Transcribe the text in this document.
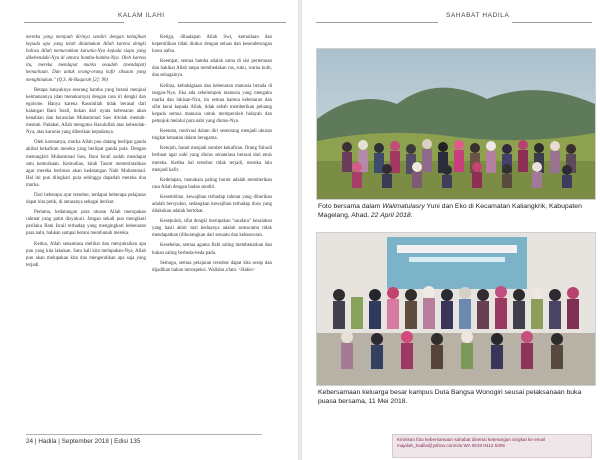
KALAM ILAHI

mereka yang menjauh dirinya sendiri dengan kebajikan kepada apa yang telah dinamakan Allah karena dengki bahwa Allah menurunkan karunia-Nya kepada siapa yang dikehendaki-Nya di antara hamba-hamba-Nya. Oleh karena itu, mereka mendapat murka sesudah (mendapat) kemurkaan. Dan untuk orang-orang kafir siksaan yang menghinakan." (Q.S. Al-Baqarah [2]: 90)

Betapa banyaknya seorang hamba yang berani menjual keimanannya (dan menukarnya) dengan rasa iri dengki dan egoisme. Hanya karena Rasulullah tidak berasal dari kalangan Bani Israil, bukan dari nyata kebenaran akan kenabian dan kerasulan Muhammad Saw ditolak mentah-mentah. Padahal, Allah mengutus Rasulullah atas kehendak-Nya, atas karunia yang diberikan kepadanya.

Oleh karenanya, murka Allah pun datang berlipat ganda akibat kekafiran mereka yang berlipat ganda pula. Dengan menungkiri Muhammad Saw, Bani Israil sudah mendapat satu kemurkaan. Kemudian, kitab Taurat memerintahkan agar mereka beriman akan kedatangan Nabi Muhammad. Hal ini pun diingkari pula sehingga dapatlah mereka dua murka.

Dari beberapa ayat tersebut, terdapat beberapa pelajaran dapat kita petik, di antaranya sebagai berikut.

Pertama, kedatangan para utusan Allah merupakan rahmat yang patut disyukuri. Jangan sekali pun mengikuti perilaku Bani Israil terhadap yang mengingkari kebenaran para nabi, bahkan sampai berani membunuh mereka.

Kedua, Allah senantiasa melihat dan menyaksikan apa pun yang kita lakukan. Satu kali kita melupakan-Nya, Allah pun akan melupakan kita dan mengerahkan apa saja yang terjadi.

Ketiga, dihadapan Allah Swt, kemuliaan dan kepemilikan tidak diukur dengan seluas dan kesenderungan hawa nafsu.

Keempat, semua hamba adalah sama di sisi pertemuan dan hakikat Allah tanpa membedakan ras, suku, warna kulit, dan sebagainya.

Kelima, kebahagiaan dan kebenaran manusia berada di tangan-Nya. Jika ada sekelompok manusia yang mengaku marka dan lukisan-Nya, itu semua karena kebenaran dan sifat kerai kepada Allah, tidak sebab memberikan peluang kepada semua manusia untuk memperoleh hidayah dan petunjuk melalui para nabi yang diutus-Nya.

Keenam, motivasi dalam diri seseorang menjadi ukuran tingkat ketaatan dalam beragama.

Ketujuh, hasad menjadi sumber kekafiran. Orang Yahudi berbuat agar nabi yang diutus senantiasa berasal dari etnis mereka. Ketika hal tersebut tidak terjadi, mereka lalu menjadi kafir.

Kedelapan, manakala paling buruk adalah memberikan rasa Allah dengan badan sendiri.

Kesembilan, kewajiban terhadap rahmat yang diberikan adalah bersyukur, sedangkan kewajiban terhadap dosa yang dilakukan adalah bertobat.

Kesepuluh, sifat dengki merupakan "saudara" kesalahan yang hasil akhir dari keduanya adalah semacamu tidak mendapatkan (dikurangkan dari sesuatu dan kehancuran.

Kesebelas, semua agama Ilahi saling membenarkan dan bukan saling berbeda-beda pada.

Semoga, semua pelajaran tersebut dapat kita serap dan dijadikan bahan introspeksi. Wallahu a'lam. <Habis>

24 | Hadila | September 2018 | Edisi 135
SAHABAT HADILA
Foto bersama dalam Walimatulasry Yuni dan Eko di Kecamatan Kaliangkrik, Kabupaten Magelang, Ahad, 22 April 2018.
Kebersamaan keluarga besar kampus Duta Bangsa Wonogiri seusai pelaksanaan buka puasa bersama, 11 Mei 2018.
Kirimkan foto kebersamaan sahabat disertai keterangan singkat ke email majalah_hadila@yahoo.com/via WA 0819 0412 5306
